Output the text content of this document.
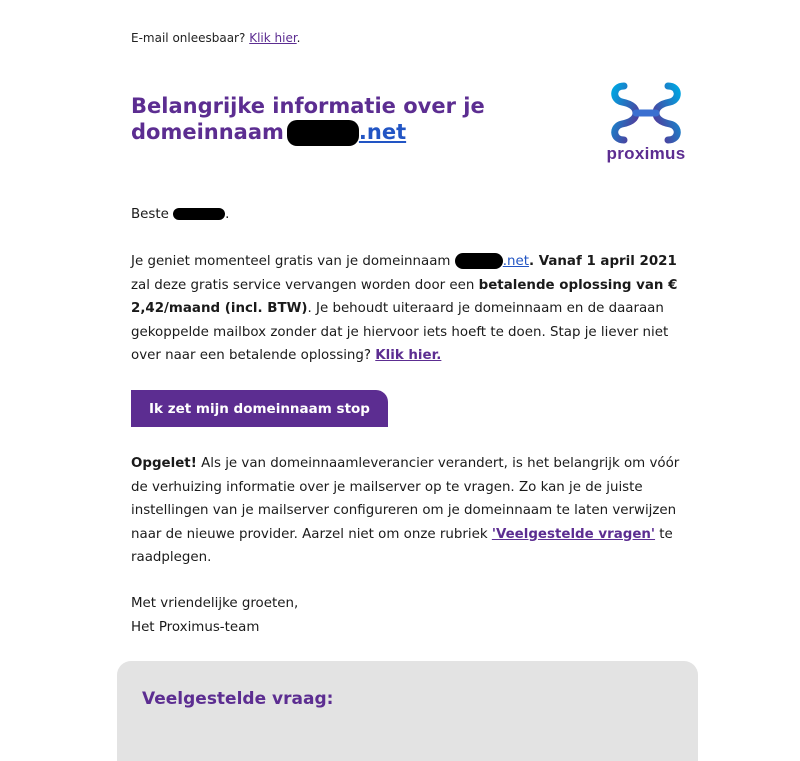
E-mail onleesbaar? Klik hier.
Belangrijke informatie over je
domeinnaam	.net
proximus
Beste	.
Je geniet momenteel gratis van je domeinnaam	.net. Vanaf 1 april 2021 zal deze gratis service vervangen worden door een betalende oplossing van € 2,42/maand (incl. BTW). Je behoudt uiteraard je domeinnaam en de daaraan gekoppelde mailbox zonder dat je hiervoor iets hoeft te doen. Stap je liever niet over naar een betalende oplossing? Klik hier.
Ik zet mijn domeinnaam stop
Opgelet! Als je van domeinnaamleverancier verandert, is het belangrijk om vóór de verhuizing informatie over je mailserver op te vragen. Zo kan je de juiste instellingen van je mailserver configureren om je domeinnaam te laten verwijzen naar de nieuwe provider. Aarzel niet om onze rubriek 'Veelgestelde vragen' te raadplegen.
Met vriendelijke groeten,
Het Proximus-team
Veelgestelde vraag:
